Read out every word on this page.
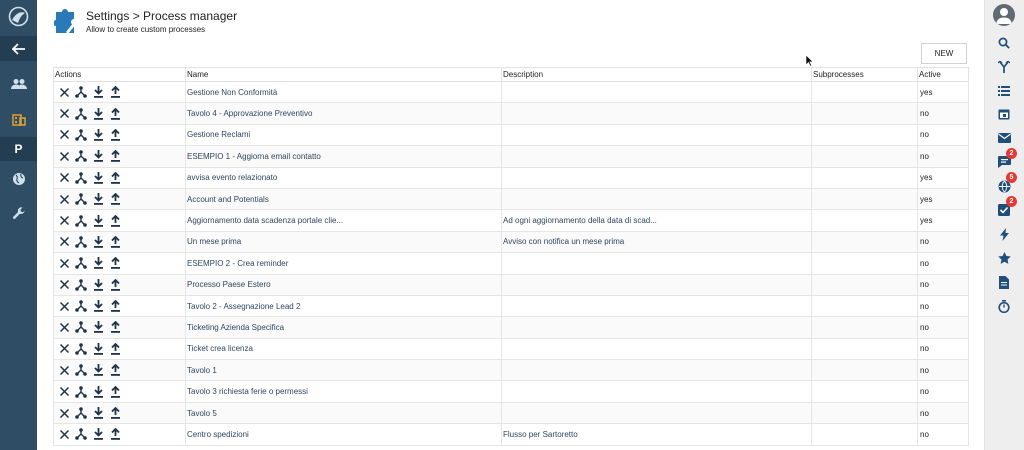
P
Settings > Process manager
Allow to create custom processes
NEW
Actions	Name	Description	Subprocesses	Active

	Gestione Non Conformità			yes

	Tavolo 4 - Approvazione Preventivo			no

	Gestione Reclami			no

	ESEMPIO 1 - Aggiorna email contatto			no

	avvisa evento relazionato			yes

	Account and Potentials			yes

	Aggiornamento data scadenza portale clie...	Ad ogni aggiornamento della data di scad...		yes

	Un mese prima	Avviso con notifica un mese prima		no

	ESEMPIO 2 - Crea reminder			no

	Processo Paese Estero			no

	Tavolo 2 - Assegnazione Lead 2			no

	Ticketing Azienda Specifica			no

	Ticket crea licenza			no

	Tavolo 1			no

	Tavolo 3 richiesta ferie o permessi			no

	Tavolo 5			no

	Centro spedizioni	Flusso per Sartoretto		no
2
5
2
